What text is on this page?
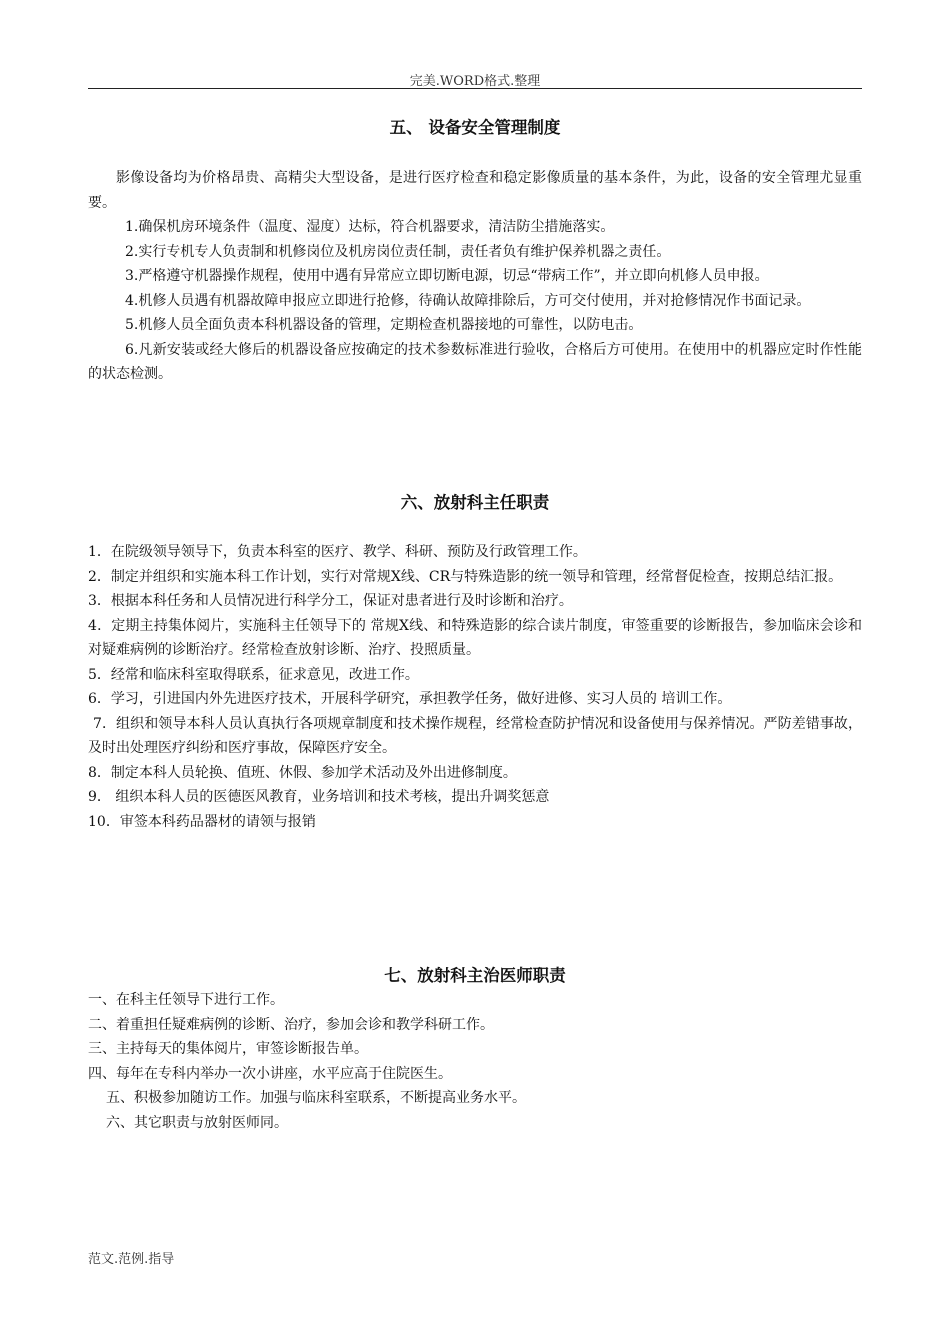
完美.WORD格式.整理
五、 设备安全管理制度

影像设备均为价格昂贵、高精尖大型设备，是进行医疗检查和稳定影像质量的基本条件，为此，设备的安全管理尤显重要。

1.确保机房环境条件（温度、湿度）达标，符合机器要求，清洁防尘措施落实。

2.实行专机专人负责制和机修岗位及机房岗位责任制，责任者负有维护保养机器之责任。

3.严格遵守机器操作规程，使用中遇有异常应立即切断电源，切忌“带病工作”，并立即向机修人员申报。

4.机修人员遇有机器故障申报应立即进行抢修，待确认故障排除后，方可交付使用，并对抢修情况作书面记录。

5.机修人员全面负责本科机器设备的管理，定期检查机器接地的可靠性，以防电击。

6.凡新安装或经大修后的机器设备应按确定的技术参数标准进行验收，合格后方可使用。在使用中的机器应定时作性能的状态检测。

六、放射科主任职责

1．在院级领导领导下，负责本科室的医疗、教学、科研、预防及行政管理工作。

2．制定并组织和实施本科工作计划，实行对常规X线、CR与特殊造影的统一领导和管理，经常督促检查，按期总结汇报。

3．根据本科任务和人员情况进行科学分工，保证对患者进行及时诊断和治疗。

4．定期主持集体阅片，实施科主任领导下的 常规X线、和特殊造影的综合读片制度，审签重要的诊断报告，参加临床会诊和对疑难病例的诊断治疗。经常检查放射诊断、治疗、投照质量。

5．经常和临床科室取得联系，征求意见，改进工作。

6．学习，引进国内外先进医疗技术，开展科学研究，承担教学任务，做好进修、实习人员的 培训工作。

7．组织和领导本科人员认真执行各项规章制度和技术操作规程，经常检查防护情况和设备使用与保养情况。严防差错事故，及时出处理医疗纠纷和医疗事故，保障医疗安全。

8．制定本科人员轮换、值班、休假、参加学术活动及外出进修制度。

9． 组织本科人员的医德医风教育，业务培训和技术考核，提出升调奖惩意

10．审签本科药品器材的请领与报销

七、放射科主治医师职责

一、在科主任领导下进行工作。

二、着重担任疑难病例的诊断、治疗，参加会诊和教学科研工作。

三、主持每天的集体阅片，审签诊断报告单。

四、每年在专科内举办一次小讲座，水平应高于住院医生。

五、积极参加随访工作。加强与临床科室联系，不断提高业务水平。

六、其它职责与放射医师同。

范文.范例.指导
